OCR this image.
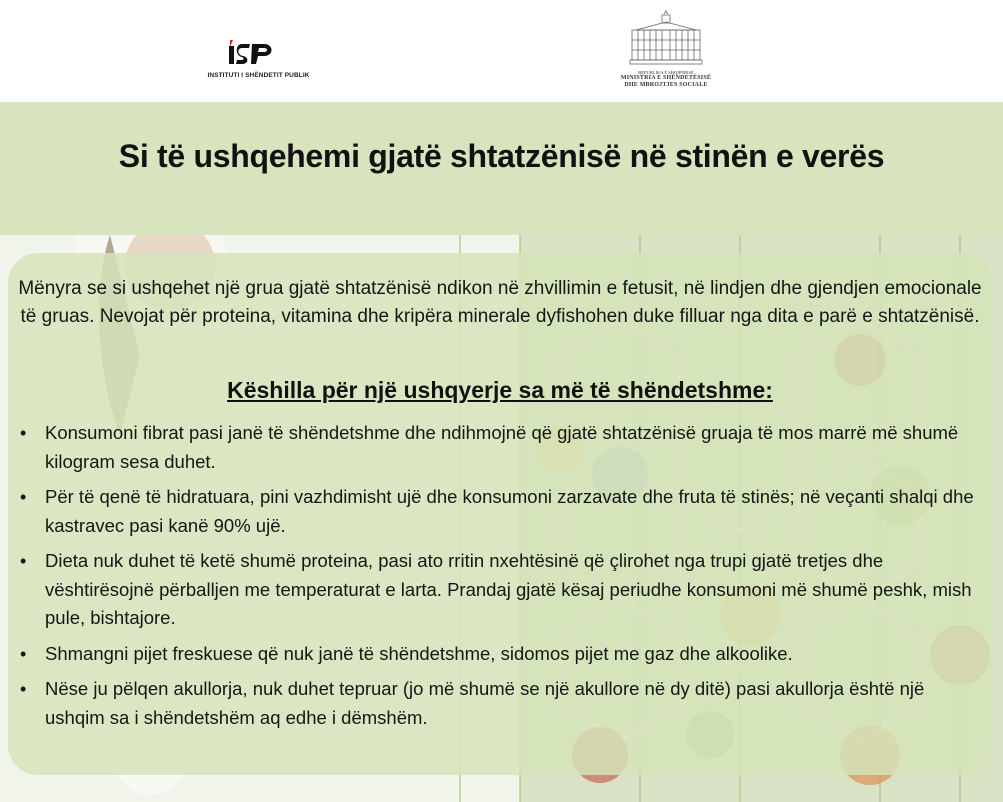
INSTITUTI I SHËNDETIT PUBLIK	REPUBLIKA E SHQIPËRISË
MINISTRIA E SHËNDETËSISË
DHE MBROJTJES SOCIALE
Si të ushqehemi gjatë shtatzënisë në stinën e verës
Mënyra se si ushqehet një grua gjatë shtatzënisë ndikon në zhvillimin e fetusit, në lindjen dhe gjendjen emocionale të gruas. Nevojat për proteina, vitamina dhe kripëra minerale dyfishohen duke filluar nga dita e parë e shtatzënisë.
Këshilla për një ushqyerje sa më të shëndetshme:
• Konsumoni fibrat pasi janë të shëndetshme dhe ndihmojnë që gjatë shtatzënisë gruaja të mos marrë më shumë kilogram sesa duhet.
• Për të qenë të hidratuara, pini vazhdimisht ujë dhe konsumoni zarzavate dhe fruta të stinës; në veçanti shalqi dhe kastravec pasi kanë 90% ujë.
• Dieta nuk duhet të ketë shumë proteina, pasi ato rritin nxehtësinë që çlirohet nga trupi gjatë tretjes dhe vështirësojnë përballjen me temperaturat e larta. Prandaj gjatë kësaj periudhe konsumoni më shumë peshk, mish pule, bishtajore.
• Shmangni pijet freskuese që nuk janë të shëndetshme, sidomos pijet me gaz dhe alkoolike.
• Nëse ju pëlqen akullorja, nuk duhet tepruar (jo më shumë se një akullore në dy ditë) pasi akullorja është një ushqim sa i shëndetshëm aq edhe i dëmshëm.
